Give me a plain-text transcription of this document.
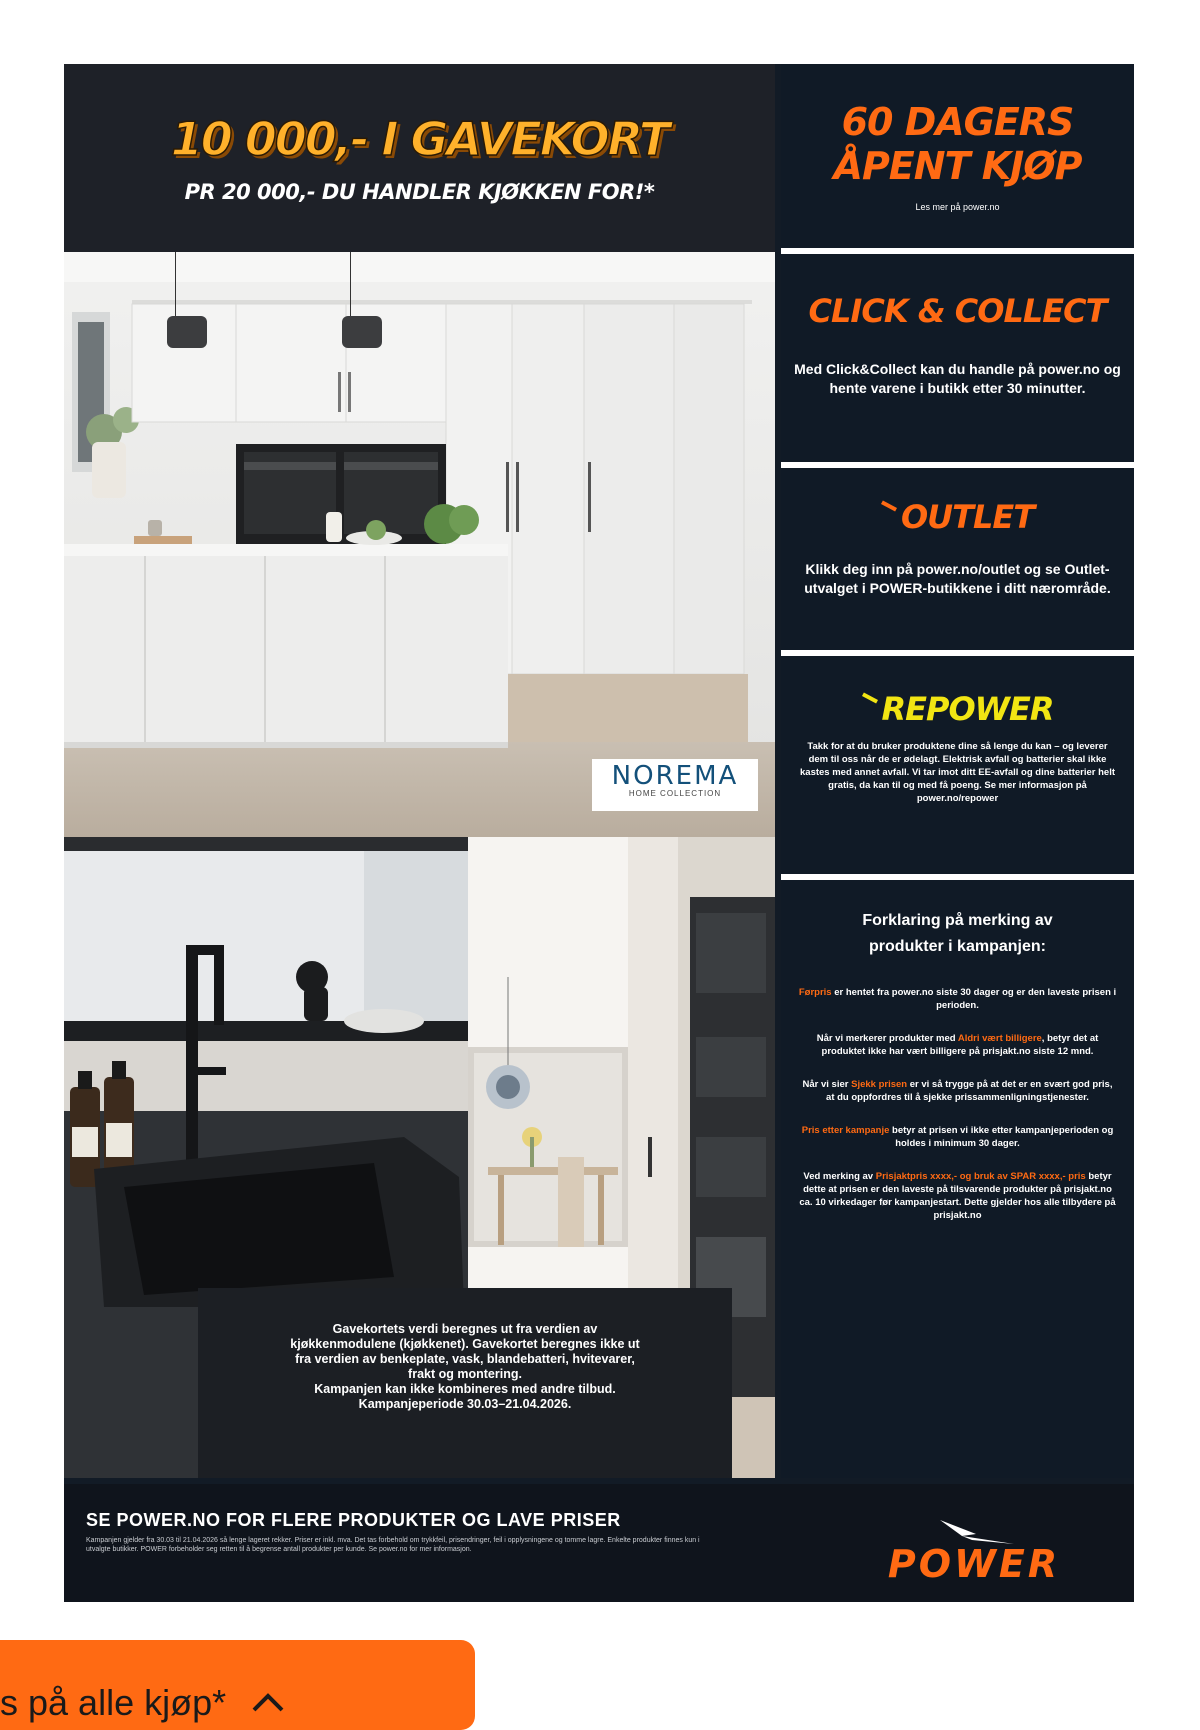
10 000,- I GAVEKORT
PR 20 000,- DU HANDLER KJØKKEN FOR!*
NOREMA
HOME COLLECTION

Gavekortets verdi beregnes ut fra verdien av

kjøkkenmodulene (kjøkkenet). Gavekortet beregnes ikke ut

fra verdien av benkeplate, vask, blandebatteri, hvitevarer,

frakt og montering.

Kampanjen kan ikke kombineres med andre tilbud.

Kampanjeperiode 30.03–21.04.2026.

60 DAGERS
ÅPENT KJØP
Les mer på power.no
CLICK & COLLECT
Med Click&Collect kan du handle på power.no og hente varene i butikk etter 30 minutter.
OUTLET
Klikk deg inn på power.no/outlet og se Outlet-utvalget i POWER-butikkene i ditt nærområde.
REPOWER
Takk for at du bruker produktene dine så lenge du kan – og leverer dem til oss når de er ødelagt. Elektrisk avfall og batterier skal ikke kastes med annet avfall. Vi tar imot ditt EE-avfall og dine batterier helt gratis, da kan til og med få poeng. Se mer informasjon på power.no/repower
Forklaring på merking av
produkter i kampanjen:
Førpris er hentet fra power.no siste 30 dager og er den laveste prisen i perioden.
Når vi merkerer produkter med Aldri vært billigere, betyr det at produktet ikke har vært billigere på prisjakt.no siste 12 mnd.
Når vi sier Sjekk prisen er vi så trygge på at det er en svært god pris, at du oppfordres til å sjekke prissammenligningstjenester.
Pris etter kampanje betyr at prisen vi ikke etter kampanjeperioden og holdes i minimum 30 dager.
Ved merking av Prisjaktpris xxxx,- og bruk av SPAR xxxx,- pris betyr dette at prisen er den laveste på tilsvarende produkter på prisjakt.no ca. 10 virkedager før kampanjestart. Dette gjelder hos alle tilbydere på prisjakt.no
SE POWER.NO FOR FLERE PRODUKTER OG LAVE PRISER
Kampanjen gjelder fra 30.03 til 21.04.2026 så lenge lageret rekker. Priser er inkl. mva. Det tas forbehold om trykkfeil, prisendringer, feil i opplysningene og tomme lagre. Enkelte produkter finnes kun i utvalgte butikker. POWER forbeholder seg retten til å begrense antall produkter per kunde. Se power.no for mer informasjon.	POWER
s på alle kjøp*
